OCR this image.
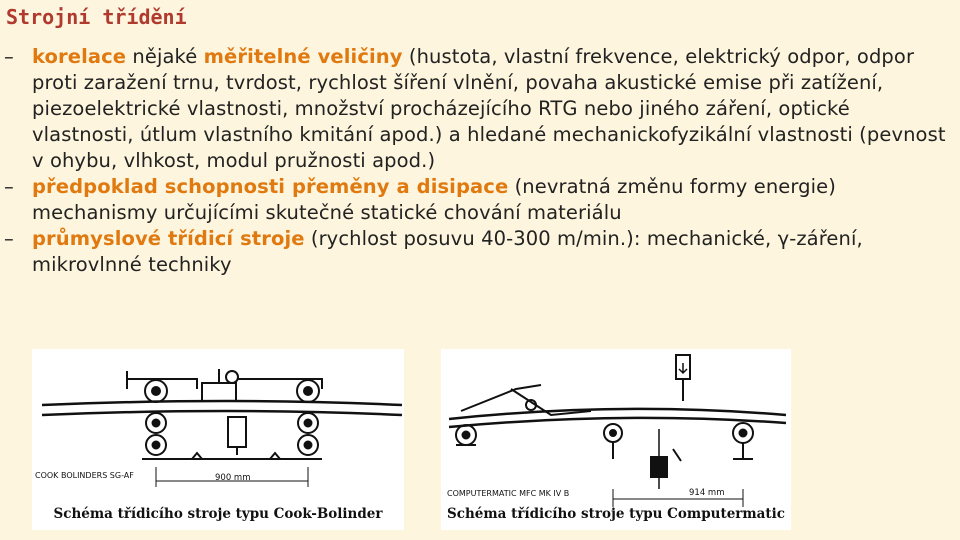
Strojní třídění
– korelace nějaké měřitelné veličiny (hustota, vlastní frekvence, elektrický odpor, odpor proti zaražení trnu, tvrdost, rychlost šíření vlnění, povaha akustické emise při zatížení, piezoelektrické vlastnosti, množství procházejícího RTG nebo jiného záření, optické vlastnosti, útlum vlastního kmitání apod.) a hledané mechanickofyzikální vlastnosti (pevnost v ohybu, vlhkost, modul pružnosti apod.)
– předpoklad schopnosti přeměny a disipace (nevratná změnu formy energie) mechanismy určujícími skutečné statické chování materiálu
– průmyslové třídicí stroje (rychlost posuvu 40-300 m/min.): mechanické, γ-záření, mikrovlnné techniky
COOK BOLINDERS SG-AF	900 mm
Schéma třídicího stroje typu Cook-Bolinder
COMPUTERMATIC MFC MK IV B	914 mm
Schéma třídicího stroje typu Computermatic
